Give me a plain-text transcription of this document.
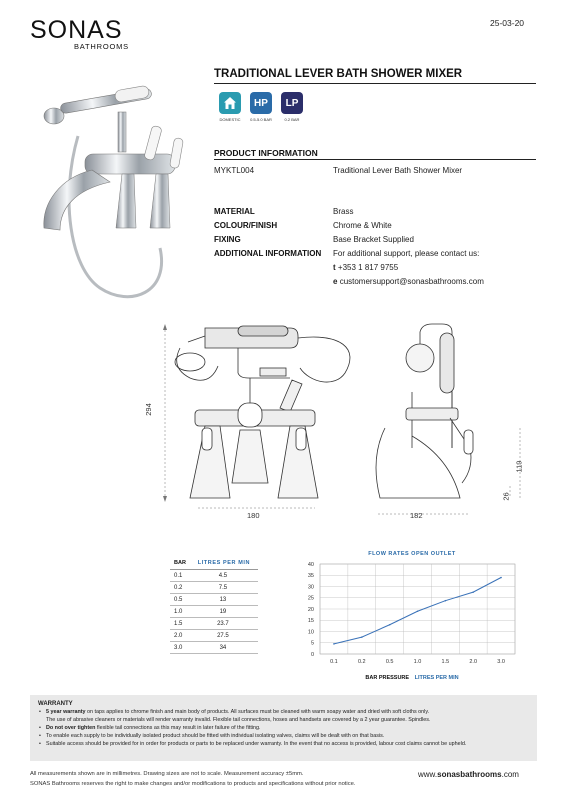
SONAS
BATHROOMS
25-03-20
TRADITIONAL LEVER BATH SHOWER MIXER
HP	LP
DOMESTIC	0.5-5.0 BAR	0.2 BAR
PRODUCT INFORMATION
MYKTL004	Traditional Lever Bath Shower Mixer
MATERIAL	Brass
COLOUR/FINISH	Chrome & White
FIXING	Base Bracket Supplied
ADDITIONAL INFORMATION For additional support, please contact us:
t +353 1 817 9755
e customersupport@sonasbathrooms.com
294
180	182
119
26
BAR	LITRES PER MIN
0.1	4.5
0.2	7.5
0.5	13
1.0	19
1.5	23.7
2.0	27.5
3.0	34
FLOW RATES OPEN OUTLET
0
5
10
15
20
25
30
35
40
0.1	0.2	0.5	1.0	1.5	2.0	3.0
BAR PRESSURE LITRES PER MIN
WARRANTY
• 5 year warranty on taps applies to chrome finish and main body of products. All surfaces must be cleaned with warm soapy water and dried with soft cloths only.
The use of abrasive cleaners or materials will render warranty invalid. Flexible tail connections, hoses and handsets are covered by a 2 year guarantee. Spindles.
• Do not over tighten flexible tail connections as this may result in later failure of the fitting.
• To enable each supply to be individually isolated product should be fitted with individual isolating valves, claims will be dealt with on that basis.
• Suitable access should be provided for in order for products or parts to be replaced under warranty. In the event that no access is provided, labour cost claims cannot be upheld.
All measurements shown are in millimetres. Drawing sizes are not to scale. Measurement accuracy ±5mm.
SONAS Bathrooms reserves the right to make changes and/or modifications to products and specifications without prior notice.
www.sonasbathrooms.com
